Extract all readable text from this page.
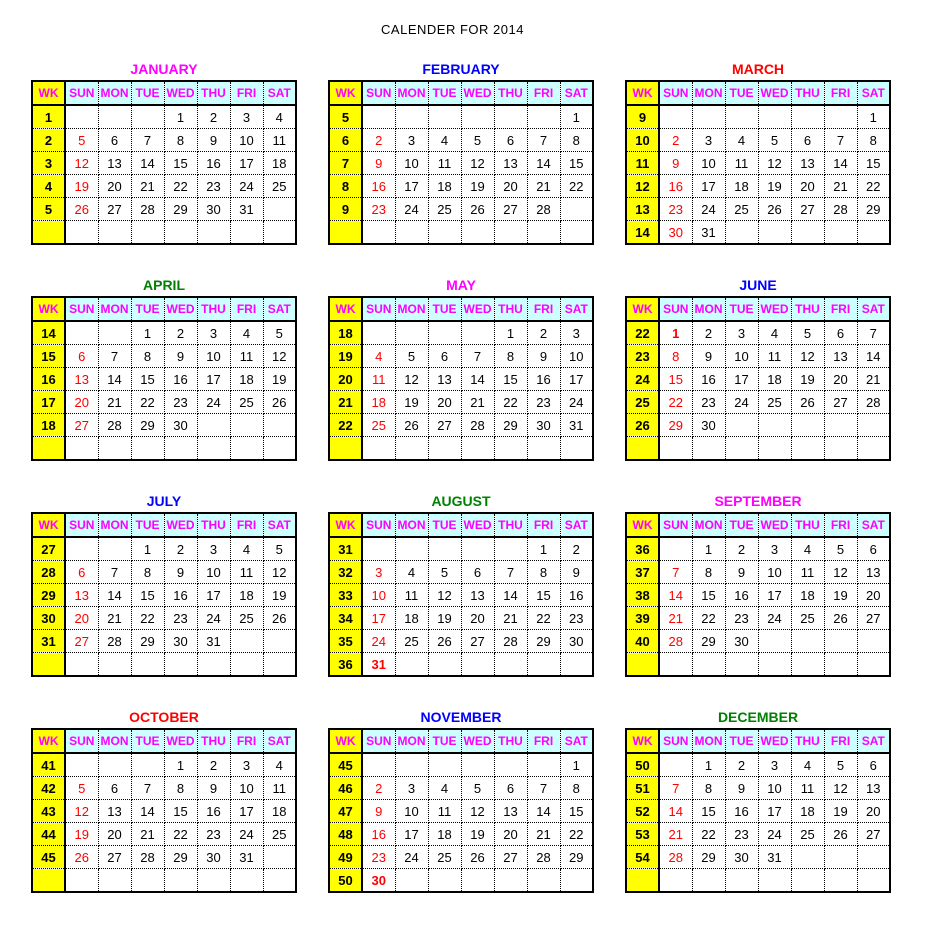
CALENDER FOR 2014
JANUARY
WK	SUN	MON	TUE	WED	THU	FRI	SAT
1				1	2	3	4
2	5	6	7	8	9	10	11
3	12	13	14	15	16	17	18
4	19	20	21	22	23	24	25
5	26	27	28	29	30	31	

FEBRUARY
WK	SUN	MON	TUE	WED	THU	FRI	SAT
5							1
6	2	3	4	5	6	7	8
7	9	10	11	12	13	14	15
8	16	17	18	19	20	21	22
9	23	24	25	26	27	28	

MARCH
WK	SUN	MON	TUE	WED	THU	FRI	SAT
9							1
10	2	3	4	5	6	7	8
11	9	10	11	12	13	14	15
12	16	17	18	19	20	21	22
13	23	24	25	26	27	28	29
14	30	31					
APRIL
WK	SUN	MON	TUE	WED	THU	FRI	SAT
14			1	2	3	4	5
15	6	7	8	9	10	11	12
16	13	14	15	16	17	18	19
17	20	21	22	23	24	25	26
18	27	28	29	30			

MAY
WK	SUN	MON	TUE	WED	THU	FRI	SAT
18					1	2	3
19	4	5	6	7	8	9	10
20	11	12	13	14	15	16	17
21	18	19	20	21	22	23	24
22	25	26	27	28	29	30	31

JUNE
WK	SUN	MON	TUE	WED	THU	FRI	SAT
22	1	2	3	4	5	6	7
23	8	9	10	11	12	13	14
24	15	16	17	18	19	20	21
25	22	23	24	25	26	27	28
26	29	30					

JULY
WK	SUN	MON	TUE	WED	THU	FRI	SAT
27			1	2	3	4	5
28	6	7	8	9	10	11	12
29	13	14	15	16	17	18	19
30	20	21	22	23	24	25	26
31	27	28	29	30	31		

AUGUST
WK	SUN	MON	TUE	WED	THU	FRI	SAT
31						1	2
32	3	4	5	6	7	8	9
33	10	11	12	13	14	15	16
34	17	18	19	20	21	22	23
35	24	25	26	27	28	29	30
36	31						
SEPTEMBER
WK	SUN	MON	TUE	WED	THU	FRI	SAT
36		1	2	3	4	5	6
37	7	8	9	10	11	12	13
38	14	15	16	17	18	19	20
39	21	22	23	24	25	26	27
40	28	29	30				

OCTOBER
WK	SUN	MON	TUE	WED	THU	FRI	SAT
41				1	2	3	4
42	5	6	7	8	9	10	11
43	12	13	14	15	16	17	18
44	19	20	21	22	23	24	25
45	26	27	28	29	30	31	

NOVEMBER
WK	SUN	MON	TUE	WED	THU	FRI	SAT
45							1
46	2	3	4	5	6	7	8
47	9	10	11	12	13	14	15
48	16	17	18	19	20	21	22
49	23	24	25	26	27	28	29
50	30						
DECEMBER
WK	SUN	MON	TUE	WED	THU	FRI	SAT
50		1	2	3	4	5	6
51	7	8	9	10	11	12	13
52	14	15	16	17	18	19	20
53	21	22	23	24	25	26	27
54	28	29	30	31			
